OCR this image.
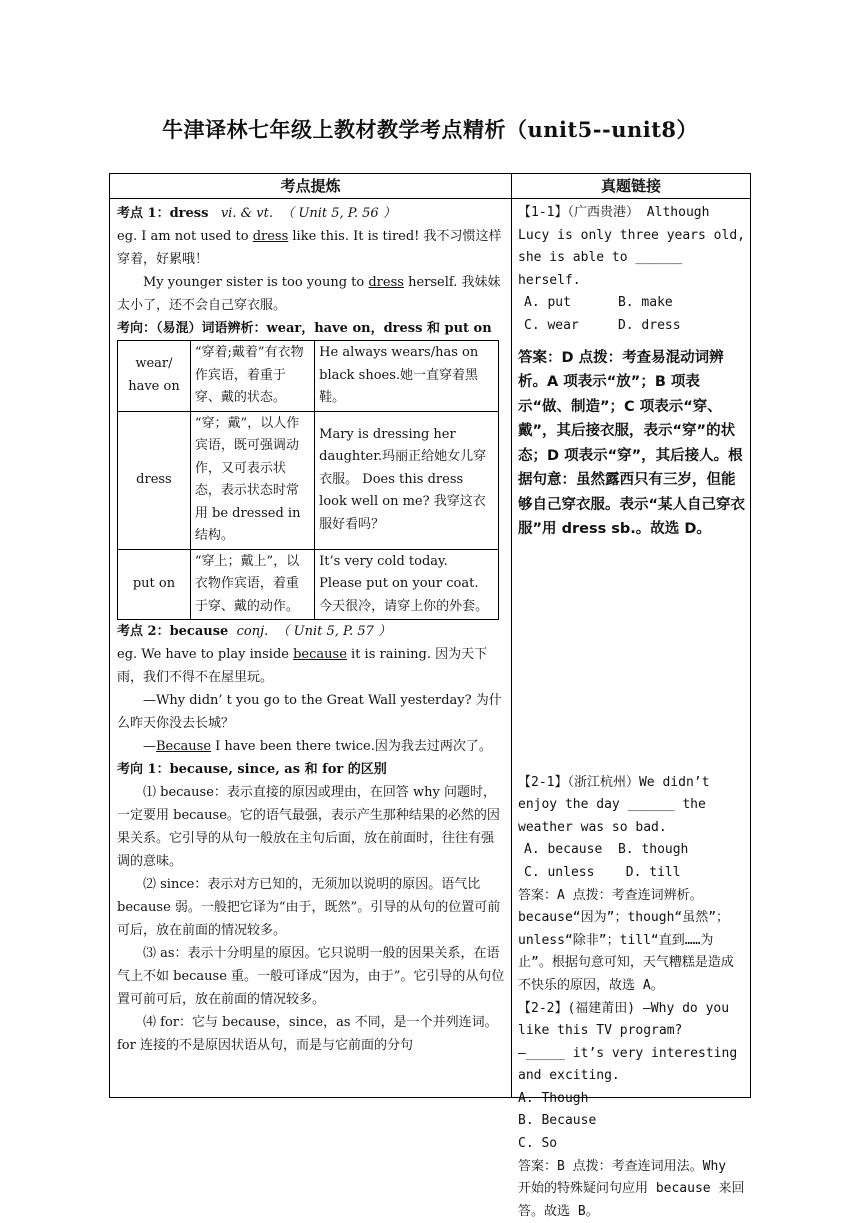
牛津译林七年级上教材教学考点精析（unit5--unit8）
考点提炼	真题链接

考点 1：dress vi. & vt. （ Unit 5, P. 56 ）

eg. I am not used to dress like this. It is tired! 我不习惯这样穿着，好累哦！

My younger sister is too young to dress herself. 我妹妹太小了，还不会自己穿衣服。

考向：（易混）词语辨析：wear，have on，dress 和 put on

wear/ have on	“穿着;戴着”有衣物作宾语，着重于穿、戴的状态。	He always wears/has on black shoes.她一直穿着黑鞋。
dress	“穿；戴”，以人作宾语，既可强调动作，又可表示状态，表示状态时常用 be dressed in 结构。	Mary is dressing her daughter.玛丽正给她女儿穿衣服。 Does this dress look well on me? 我穿这衣服好看吗？
put on	“穿上；戴上”，以衣物作宾语，着重于穿、戴的动作。	It’s very cold today. Please put on your coat. 今天很冷，请穿上你的外套。

考点 2：because conj. （ Unit 5, P. 57 ）

eg. We have to play inside because it is raining. 因为天下雨，我们不得不在屋里玩。

—Why didn’ t you go to the Great Wall yesterday? 为什么昨天你没去长城？

—Because I have been there twice.因为我去过两次了。

考向 1：because, since, as 和 for 的区别

⑴ because：表示直接的原因或理由，在回答 why 问题时，一定要用 because。它的语气最强，表示产生那种结果的必然的因果关系。它引导的从句一般放在主句后面，放在前面时，往往有强调的意味。

⑵ since：表示对方已知的，无须加以说明的原因。语气比 because 弱。一般把它译为“由于，既然”。引导的从句的位置可前可后，放在前面的情况较多。

⑶ as：表示十分明星的原因。它只说明一般的因果关系，在语气上不如 because 重。一般可译成“因为，由于”。它引导的从句位置可前可后，放在前面的情况较多。

⑷ for：它与 because，since，as 不同，是一个并列连词。for 连接的不是原因状语从句，而是与它前面的分句

【1-1】（广西贵港） Although Lucy is only three years old, she is able to ______ herself.

A. put	B. make

C. wear	D. dress

答案：D 点拨：考查易混动词辨析。A 项表示“放”；B 项表示“做、制造”；C 项表示“穿、戴”，其后接衣服，表示“穿”的状态；D 项表示“穿”，其后接人。根据句意：虽然露西只有三岁，但能够自己穿衣服。表示“某人自己穿衣服”用 dress sb.。故选 D。

【2-1】（浙江杭州）We didn’t enjoy the day ______ the weather was so bad.

A. because B. though

C. unless D. till

答案：A 点拨：考查连词辨析。because“因为”；though“虽然”；unless“除非”；till“直到……为止”。根据句意可知，天气糟糕是造成不快乐的原因，故选 A。

【2-2】(福建莆田) —Why do you like this TV program?

—_____ it’s very interesting and exciting.

A. Though

B. Because

C. So

答案：B 点拨：考查连词用法。Why 开始的特殊疑问句应用 because 来回答。故选 B。
